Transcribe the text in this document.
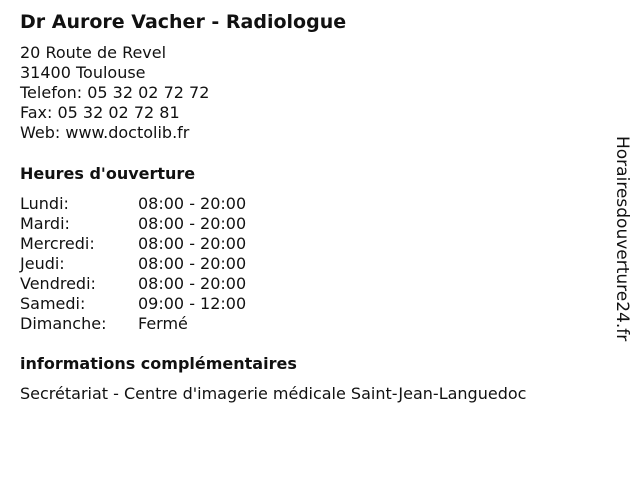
Dr Aurore Vacher - Radiologue
20 Route de Revel
31400 Toulouse
Telefon: 05 32 02 72 72
Fax: 05 32 02 72 81
Web: www.doctolib.fr
Heures d'ouverture
Lundi:	08:00 - 20:00
Mardi:	08:00 - 20:00
Mercredi:	08:00 - 20:00
Jeudi:	08:00 - 20:00
Vendredi:	08:00 - 20:00
Samedi:	09:00 - 12:00
Dimanche:	Fermé
informations complémentaires
Secrétariat - Centre d'imagerie médicale Saint-Jean-Languedoc
Horairesdouverture24.fr
